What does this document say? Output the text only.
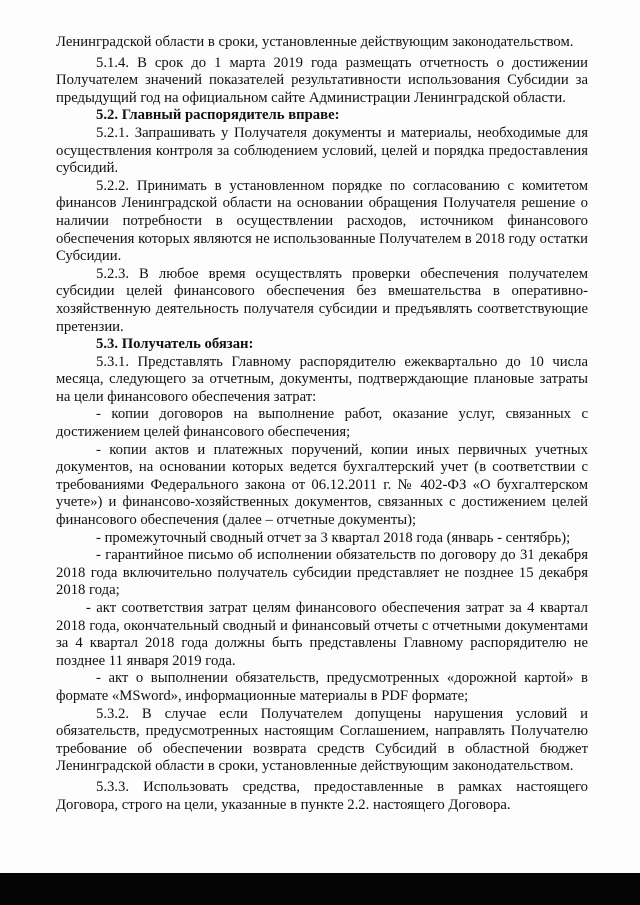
Ленинградской области в сроки, установленные действующим законодательством.

5.1.4. В срок до 1 марта 2019 года размещать отчетность о достижении Получателем значений показателей результативности использования Субсидии за предыдущий год на официальном сайте Администрации Ленинградской области.

5.2. Главный распорядитель вправе:

5.2.1. Запрашивать у Получателя документы и материалы, необходимые для осуществления контроля за соблюдением условий, целей и порядка предоставления субсидий.

5.2.2. Принимать в установленном порядке по согласованию с комитетом финансов Ленинградской области на основании обращения Получателя решение о наличии потребности в осуществлении расходов, источником финансового обеспечения которых являются не использованные Получателем в 2018 году остатки Субсидии.

5.2.3. В любое время осуществлять проверки обеспечения получателем субсидии целей финансового обеспечения без вмешательства в оперативно-хозяйственную деятельность получателя субсидии и предъявлять соответствующие претензии.

5.3. Получатель обязан:

5.3.1. Представлять Главному распорядителю ежеквартально до 10 числа месяца, следующего за отчетным, документы, подтверждающие плановые затраты на цели финансового обеспечения затрат:

- копии договоров на выполнение работ, оказание услуг, связанных с достижением целей финансового обеспечения;

- копии актов и платежных поручений, копии иных первичных учетных документов, на основании которых ведется бухгалтерский учет (в соответствии с требованиями Федерального закона от 06.12.2011 г. № 402-ФЗ «О бухгалтерском учете») и финансово-хозяйственных документов, связанных с достижением целей финансового обеспечения (далее – отчетные документы);

- промежуточный сводный отчет за 3 квартал 2018 года (январь - сентябрь);

- гарантийное письмо об исполнении обязательств по договору до 31 декабря 2018 года включительно получатель субсидии представляет не позднее 15 декабря 2018 года;

- акт соответствия затрат целям финансового обеспечения затрат за 4 квартал 2018 года, окончательный сводный и финансовый отчеты с отчетными документами за 4 квартал 2018 года должны быть представлены Главному распорядителю не позднее 11 января 2019 года.

- акт о выполнении обязательств, предусмотренных «дорожной картой» в формате «MSword», информационные материалы в PDF формате;

5.3.2. В случае если Получателем допущены нарушения условий и обязательств, предусмотренных настоящим Соглашением, направлять Получателю требование об обеспечении возврата средств Субсидий в областной бюджет Ленинградской области в сроки, установленные действующим законодательством.

5.3.3. Использовать средства, предоставленные в рамках настоящего Договора, строго на цели, указанные в пункте 2.2. настоящего Договора.
